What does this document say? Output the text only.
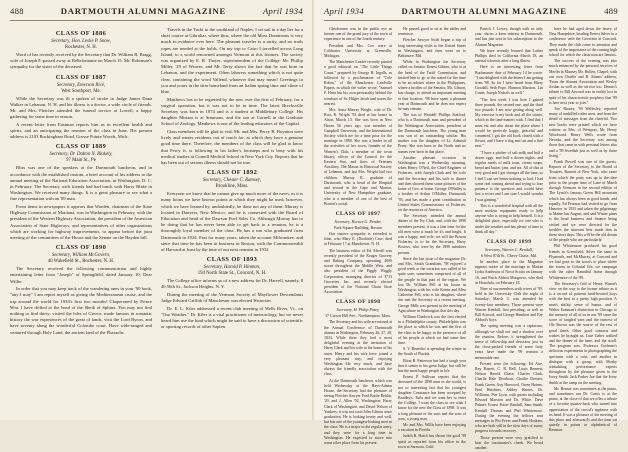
488	DARTMOUTH ALUMNI MAGAZINE	April 1934
CLASS OF 1886
Secretary, Hon. Leslie P. Snow,
Rochester, N. H.

Word of has recently received by the Secretary that Dr. William B. Bragg, wife of Joseph F. passed away at Bellefontaine on March 15. Mr. Robinson's sympathy for the sister of the deceased.

CLASS OF 1887
Secretary, Emerson Rice,
West Southport, Me.

While the Secretary was ill a spoken of stroke in Judge James Dana Walker in Lebanon, N. H. and his illness is a doctor, a wide circle of friends. Mr. and Mrs. Fletcher attended the funeral service at Lowell, a happy gathering for some time in season.

A recent letter from Eastman reports him as in excellent health and spirits, and an anticipating the reunion of the class in June. His present address is 2103 Buckingham Road, Grosse Pointe Woods, Mich.

CLASS OF 1889
Secretary, Dr. Dalton N. Blakely,
97 Main St., Pe

Bliss was one of the speakers at the Dartmouth luncheon, and in accordance with the established custom, a brief account of his address to the annual meeting of the National Education Association, in Washington, D. C. in February. The Secretary with friends had had lunch with Harry Blake in Washington. We received many things. It is a great pleasure to see what a fine representation with an '89 man.

From items in newspapers it appears that Warden, chairman of the State Highway Commission of Montana, was in Washington in February, with the president of the Western Highway Association, the president of the American Association of State Highways, and representatives of other organizations which are working for highway improvements, to appear before the joint meeting of the committees of the House and the Senate on the Hayden bill.

CLASS OF 1890
Secretary, William McGovern,
40 Wakefield St., Rochester, N. H.

The Secretary received the following communication and highly entertaining letter from "Joseph" of Springfield, dated January 10, Dear Willie:

In order that you may keep track of the wandering ones in your '90 book, "any I may" I am report myself as giving the Mediterranean cruise, and the trip around the world for 1934's first two months! Chaperoned by Prince Wm. I have drifted to the head of the Sheik of Sphinx. You may not find nothing to find thirty; visited the Isles of Greece, made famous in romantic history the war experiences of the great of lands, visit the Lord Byron, and have seventy along the wonderful Colombo court. Have wide-ranged and ventured through Holy Land, the ancient land of the Pharaohs.

Travels in the Yacht to the southland of Naples, I set sail in a day her for a short course at Gibraltar, where thus, where the old Moss Dominions is very much in evidence ever here. The pleasant traveler is a rarity, and no trails ropes are needed at the holds. On my trip to Cairo I travelled across Long Island, to a world renowned amongst Vermont at this fixtures. The society was organized by E. B. Thayer, superintendent of the College. Mr. Phillip Miller, '29 of Weaver, and Mr. Terry shows the fact that he was born in Lebanon, and the experiment. Often laborers something which is not quite clear, containing the word Vallend, whatever that may mean! Greetings to you and yours in the dear homeland from an Italian spring time and clime of blue.

Matthews has to be regretted by the new over the first of February, for a surgical operation, but it was not to be in time. The latest Brecksville Secretary was born in 1874 and is a student at Middlebury College. His daughter Miriam is at Simmons, and the son at Cornell in the Graduate School of Zoology. Matthews is one of the leading educators of the Capital.

Class members will be glad to visit Mr. and Mrs. Percy B. Boynton were lively and winter residents out of touch for, at which they have a genuine good time there. Therefore, the members of the class will be glad to know that Percy Jr. is following in his father's footsteps and is busy with his medical studies at Cornell Medical School in New York City. Reports that he has been out of serious illness should not be true.

CLASS OF 1892
Secretary, Chester C. Ramsey,
Brookline, Mass.

Everyone we know that he cannot give up much more of the news, as it is many hours we have known points at which they might be used, however, which we have learned by, undoubtedly, be done not any of them. Murray is located in Danvers, New Mexico, and he is connected with the Board of Education and head of the Dawson Fuel Sales Co. Although Murray has to be doing that he has never been able to get back to a reunion, he is a thoroughly loyal member of the class. He has a son who graduated from Dartmouth in 1924. Fast for many years, taken the account Milwaukee, and since that time he has been in business in Boston, with the Commonwealth of Harvard at least by the time of our next reunion in 1932.

CLASS OF 1893
Secretary, Harold P. Hinman,
194 North State St., Concord, N. H.

The College office informs us of a new address for Dr. Harvell, namely, 8 40 56th St., Jackson Heights, N. Y.

During the meeting of the Vermont Society of Mayflower Descendants Judge Edward Griffith of Manchester was elected Historian.

Dr. E. L. Kiler addressed a recent club meeting of Wells River, Vt., on "Our Weather." Dr. Kiler is a vital practitioner of meteorology, but we never heard him use the kind which might be said to have a discussion of scientific or sporting records of other Sapien.

April 1934	DARTMOUTH ALUMNI MAGAZINE	489

Clawbourne was in the public eye as former one of the grand jury of the town of experience in one of the fourth century.

President and Mrs. Cox were at Coldwater University at Greenville, Michigan.

The Manchester Leader recently printed a good editorial on "The Little Things Count," prepared by George H. Ingalls, as followed by a proclamation of "Cole Robin," of the Manchester Leadville Papers, in which the writer wrote, "Samuel F. Hunt has his own personality behind the windows of St. Hilger Jacob and stores the nearest.

Mrs. Anna Murray Wright, wife of Dr. Ross R. Wright '93 died at her home in Alton, March 13. She was born in New Haven 56 years ago, was member of Campbell University, and the International Society which are for a time prior for the marriage in 1890. She was a leader in all the activities of her town, founder of the Women's Club, a member of the town library, officer of the Council for the Eastern Star, and lines of Veterans Auxiliary. The Mason in Historical Society of Lebanon, and last Mrs. Wright had two children, Murray R., graduate of Dartmouth, who is head of the Hospital and second in the Cape and Marion, University of New Hampshire graduate, who is a member of one of the best of Boston's social.

CLASS OF 1897
Secretary, Horace G. Pender,
Park Square Building, Boston

Our sincere sympathy is extended to John, who Mary E. (Doolittle) Case, died at February 17 at Manchester, N. H.

The business editor of Ed. Merrill was recently president of the Kruger Grocery and Baking Company, operating 4000 stores throughout the Middle West, and also president of the Piggly Wiggly Corporation, managing director of 3713 Groceries Inc. and recently elected president of the National Chain Store Association.

CLASS OF 1898
Secretary, H. Philip Patey,
37 Crown Hill Ave., Northampton, Mass.

The Secretary and his wife are missed at the Annual Conference of Dartmouth alumni in Washington, February 26, 27, 28, 1934. While there they had a most delightful evening at the invitation of Harry Clark and his wife at the home of his sister. Henry and his wife have joined a very pleasant way, and enjoying Washington life very much, and have always the friendly association with the class.

At the Dartmouth luncheon, which was held Wednesday at the Hays-Adams House, the Secretary had the pleasure of seeing Fletcher Sawyer Fred Battle Rehlin, '20, and J. Allen '02, Washington; Harry Clark of Washington, and David Wilson of Yonkers; it was not soon John Gibson since graduation. He is looking hearty and well, but has one of the youngest-looking men in the class. He is a major in the regular army, and they were for a long time in Washington. He expected to move into some other place from his present.

He passed good to sit at the tables and reminisce.

Fletcher Sawyer Swift began a trip of long interesting visits to the United States in Washington, and then went on to Baltimore, Md.

While in Washington the Secretary called on Senator Ernest Gibson, who is at the head of the Tariff Commission, and invited him to go to the stated for the time to be an adviser where in the Philippines, where a brother of the Senator, Mr. Gibson, has charge, to attend an important meeting at that location. '98 have spent a pleasant year at Dartmouth and he does not expect he may remain.

The son of Wendell Phillips Stafford, who is a Dartmouth man and president of the Washington Association, president at the Dartmouth luncheon. The young man was son of an outstanding scholar. His mother was the daughter of Lt. Admiral Peary. She was born in the North and no names ever born in that place.

Another pleasant occasion in Washington was a Wednesday morning, when Henry O'Neil, the Chief Engineer of Fisheries, with Joseph Clark and his wife and the Secretary and his wife to dinner and then showed them some pictures of the home of Gov. at home. George O'Malley is a brother of Arthur O'Malley, Dartmouth '93, and has made a great contribution as United States Commissioner of Fisheries, on the resources of America.

The Secretary attended the annual dinner of the Ivy Club, and, with the 1898 members present, it was a fine time for the old men were it much be it's and bright. It was a happy, and wife, we will the Boston Fisheries, is to be the Secretary, Harry Bowers, who were by the 1898 members present.

Since the last issue of the magazine Dr. and Mrs. Smith Grantham, '98 enjoyed a good week or the vacation was called to be quite sure, sometimes comprised of all of the people in that part of the region. We lost Dr. William Pell at his house in Washington with his wife Katrin and Miss Catherine Pell, who is his daughter, where she met the Secretary at a recent meeting. George Mills was present in the meeting of Agriculture in Washington that this day.

William Chadwick was the first elected in a Philadelphia county. Philadelphia was the place to which he was and the first of the class to be happy in the presence of all of his people at which we had some fine time.

S. V. Benedict is spending the winter in the South of Florida.

Elton B. Patterson has had a tough year that it seems to his great Judge, but still he has the most happy people in life.

Ernest P. Sullivan reports that the deceased of the 1898 men in the world, is not so interesting fact that his youngest daughter Constance has been accepted by Bradley's. Tufts and we want her to enter the College. I want the class to see what I know for the new the Class of 1898. It was a long pleasant of the sons and the sons of sons, a young man.

Mr. and Mrs. Willis have been enjoying a vacation in Florida.

Judith R. Hatch has shown the good '98 spirit as reported from his office in the town at Sarasota, Calif.

Patrick J. Lowry, though with us only year, shows a keen interest in Dartmouth, and has just sent in his subscription to the Alumni Magazine.

We have recently learned that Luther Phillips died in California March 18, an arterial sclerosis after a long illness.

Here is an interesting letter from Buckmaster date of February 14 he wrote: "I am delighted with the letters I am getting from '98. So far I have heard from Harry Goodall, Seth Pope, Harmon Marston, Lin Crane, Joseph Nichols as well."

"The first week I was here I gained three pounds, the second one, and the third two pounds. I am now getting along well. My exercise is my book and all the winter, which in the time matters with. I find that I must eat and also about the place where I would be perfectly happy, peaceful and contented. I got the old book closed with a flower, and I have a dog and cat and a fine nest."

"I have a pitcher of salt milk and half a dozen eggs, and half a dozen nights, and regular meals of milk toast, cream soups, bread and butter, jam, and tea. All of this at very good and I get stronger all the time, so I feel I can see better nothing so bad. I had some real coming ahead and trying to lose patience is the question and would have lost a secret and I am sure I would wonder I was gaining."

This is a wonderful hospital with all the most modern equipment ready to help anyone who is trying to help himself. It is a delightful place, especially for one who is under the weather and has plenty of time to think all day."

CLASS OF 1899
Secretary, Warren C. Kendall,
6 West 87th St., Chevy Chase, Md.

In another place in the Magazine appears notice of the marriage to Marian Lydia Anderson of Nova Scotia on January 16, and Patch Abbott Musgrove, who died in Honolulu, on February 18.

Nine of our members with wives of '99, held in the University Club the night of Saturday, March 3, was attended by twenty-four members. Those present were Warren Kendall, first presiding, as well as Bill Atwood, and George Humbert and Fay Abbott's boys.

The spring meeting was a rapturous, although we shall not and a shadow over the reunion. Before, it strengthened the sense of fellowship and devotion, just as the close-packed friends of some forty years have made the '99 reunion a memorable one.

Present were the following: Ed Aire, Ray Barrett, C. R. Bell, Louis Bennett, Nelson Harold Chase, Charles Clark, Charlie Hale Dearborn, Charlie Dresser, Frank Green, Guy Harwood, Owen Haines, Fred Hutchins, Ashley Haines, Dr. Williams, Pier Lyon, with guests including Edward Marston and Dr. White. Dave Palmer, Ernest Potter Randall, Sam Smith, Kendall Thomas and Phil Whittemore. During the evening the fellows sent messages to Pitt Fever and Frank Hoskins, who are both still in the slow days of sunny progress towards recovery.

Those present were very gratified to hear the toastmaster's cheek. We heard another.

have he had aged down the heavy of New Hampshire, heading Ernest Silver to a conference with the Governor at Concord. They made the club come to attention and speak of the importance of the coming high school for which the classroom are famous.

The success of the evening was also much enhanced by the personal services of Merlin in Munsey Mr. Bollen, Chapel, with our own Charlie and B. Adams' address, 'From the Alumni Association and Wesley Jordan as well as the service too. Dennis's tribute to Bill Atwood was in reality lost in spite of his characteristic prophecy that '99 is here next year to join."

'Joe' Barney, '99 Wellesley, reported many of unskilled rodeo men, and from the detail of messages from the cheerful. Two new books were printed which we have written; as Mrs. of Westport, Mr. Henry Woodward. Henry Wells wrote from Nevada, and the Secretary was among those that came in with personal letters also and a '99 Swedish just as well as by those living."

Frank Powell was one of the guests. Reports of the Secretary to the Board of Trustees, Burnett of New York, who came from which the party was up to the date prior to the proper time of Lane of March through Vermont in the second edition of The Lynch's famous Green Hill mountain which has always been in good hands, and equally. Ed Pearson had visited to go from Hanover in 1933 and taken the pilgrimage to Maine last August, and said Winter pines is the head business and finance being visited and we were directed for the troubles the itinerant best made him in these short days. This will be the old dream of the people who are particularly.

Phil Whittemore produced his good friends in Greenfield, Silver the same in Plymouth, and McMurray, at Concord and we had gone to the town's to place where the towns in Colonial life, we campaign with the other Hannibal home through Whittemore of the '99.

The Secretary's fold of Henry Wasen's view on the way to the former tribute as it is a record of patients kind-hearted boys with the best to a pretty high position. A man's ability, sense of humor, and of Walter Eastman's distinction in Chicago to the memory of all of us in our '99 since the score of tangled yarn and the interest of Ole Brown was the source of the rest of good times. Other good contacts and wishes he brought us. Lute Gaber walked and the dinner of the time, and the stroll. The program was, Professor Cushmer's delicious experiments in photographing the spectrum with a coin, and another in dialogue with a group, with Mosby stimulating performance experts throughout by the pleasure given to the Ivory Smith. Jack Parker Joe that the Ivory Smith at the camp on the meeting.

Mr. Bennie was sometimes at the piano, and sometimes our Dr. Curtis is at the piano, at the close of that we offer a tribute of a favorite quarter-back who turned into appreciation of the crowd's applause with its head. It was a pleasure of the meeting of this place and afterward's and the time sat quietly in points in alphabetical of Reunion.
